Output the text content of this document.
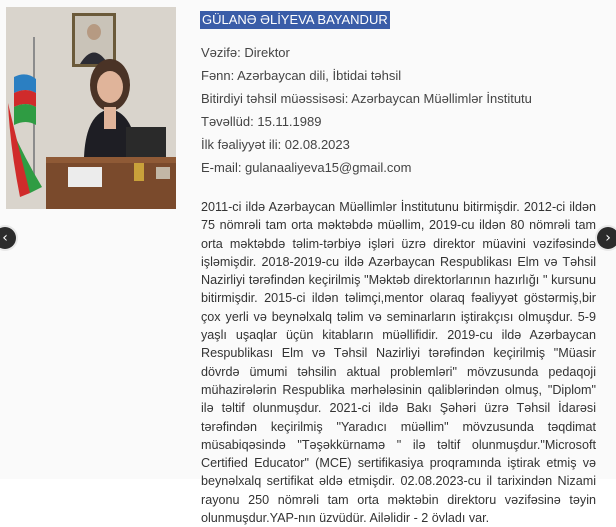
GÜLANƏ ƏLİYEVA BAYANDUR
Vəzifə: Direktor
Fənn: Azərbaycan dili, İbtidai təhsil
Bitirdiyi təhsil müəssisəsi: Azərbaycan Müəllimlər İnstitutu
Təvəllüd: 15.11.1989
İlk fəaliyyət ili: 02.08.2023
E-mail: gulanaaliyeva15@gmail.com
2011-ci ildə Azərbaycan Müəllimlər İnstitutunu bitirmişdir. 2012-ci ildən 75 nömrəli tam orta məktəbdə müəllim, 2019-cu ildən 80 nömrəli tam orta məktəbdə təlim-tərbiyə işləri üzrə direktor müavini vəzifəsində işləmişdir. 2018-2019-cu ildə Azərbaycan Respublikası Elm və Təhsil Nazirliyi tərəfindən keçirilmiş "Məktəb direktorlarının hazırlığı " kursunu bitirmişdir. 2015-ci ildən təlimçi,mentor olaraq fəaliyyət göstərmiş,bir çox yerli və beynəlxalq təlim və seminarların iştirakçısı olmuşdur. 5-9 yaşlı uşaqlar üçün kitabların müəllifidir. 2019-cu ildə Azərbaycan Respublikası Elm və Təhsil Nazirliyi tərəfindən keçirilmiş "Müasir dövrdə ümumi təhsilin aktual problemləri" mövzusunda pedaqoji mühazirələrin Respublika mərhələsinin qaliblərindən olmuş, "Diplom" ilə təltif olunmuşdur. 2021-ci ildə Bakı Şəhəri üzrə Təhsil İdarəsi tərəfindən keçirilmiş "Yaradıcı müəllim" mövzusunda təqdimat müsabiqəsində "Təşəkkürnamə " ilə təltif olunmuşdur."Microsoft Certified Educator" (MCE) sertifikasiya proqramında iştirak etmiş və beynəlxalq sertifikat əldə etmişdir. 02.08.2023-cu il tarixindən Nizami rayonu 250 nömrəli tam orta məktəbin direktoru vəzifəsinə təyin olunmuşdur.YAP-nın üzvüdür. Ailəlidir - 2 övladı var.
‹	›
